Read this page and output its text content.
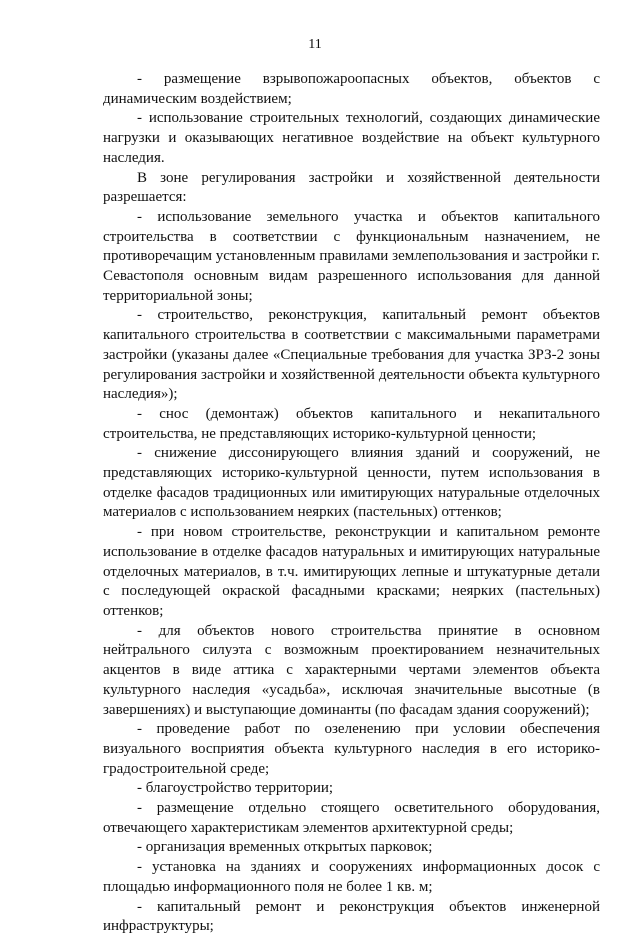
11

- размещение взрывопожароопасных объектов, объектов с динамическим воздействием;

- использование строительных технологий, создающих динамические нагрузки и оказывающих негативное воздействие на объект культурного наследия.

В зоне регулирования застройки и хозяйственной деятельности разрешается:

- использование земельного участка и объектов капитального строительства в соответствии с функциональным назначением, не противоречащим установленным правилами землепользования и застройки г. Севастополя основным видам разрешенного использования для данной территориальной зоны;

- строительство, реконструкция, капитальный ремонт объектов капитального строительства в соответствии с максимальными параметрами застройки (указаны далее «Специальные требования для участка ЗРЗ-2 зоны регулирования застройки и хозяйственной деятельности объекта культурного наследия»);

- снос (демонтаж) объектов капитального и некапитального строительства, не представляющих историко-культурной ценности;

- снижение диссонирующего влияния зданий и сооружений, не представляющих историко-культурной ценности, путем использования в отделке фасадов традиционных или имитирующих натуральные отделочных материалов с использованием неярких (пастельных) оттенков;

- при новом строительстве, реконструкции и капитальном ремонте использование в отделке фасадов натуральных и имитирующих натуральные отделочных материалов, в т.ч. имитирующих лепные и штукатурные детали с последующей окраской фасадными красками; неярких (пастельных) оттенков;

- для объектов нового строительства принятие в основном нейтрального силуэта с возможным проектированием незначительных акцентов в виде аттика с характерными чертами элементов объекта культурного наследия «усадьба», исключая значительные высотные (в завершениях) и выступающие доминанты (по фасадам здания сооружений);

- проведение работ по озеленению при условии обеспечения визуального восприятия объекта культурного наследия в его историко-градостроительной среде;

- благоустройство территории;

- размещение отдельно стоящего осветительного оборудования, отвечающего характеристикам элементов архитектурной среды;

- организация временных открытых парковок;

- установка на зданиях и сооружениях информационных досок с площадью информационного поля не более 1 кв. м;

- капитальный ремонт и реконструкция объектов инженерной инфраструктуры;
